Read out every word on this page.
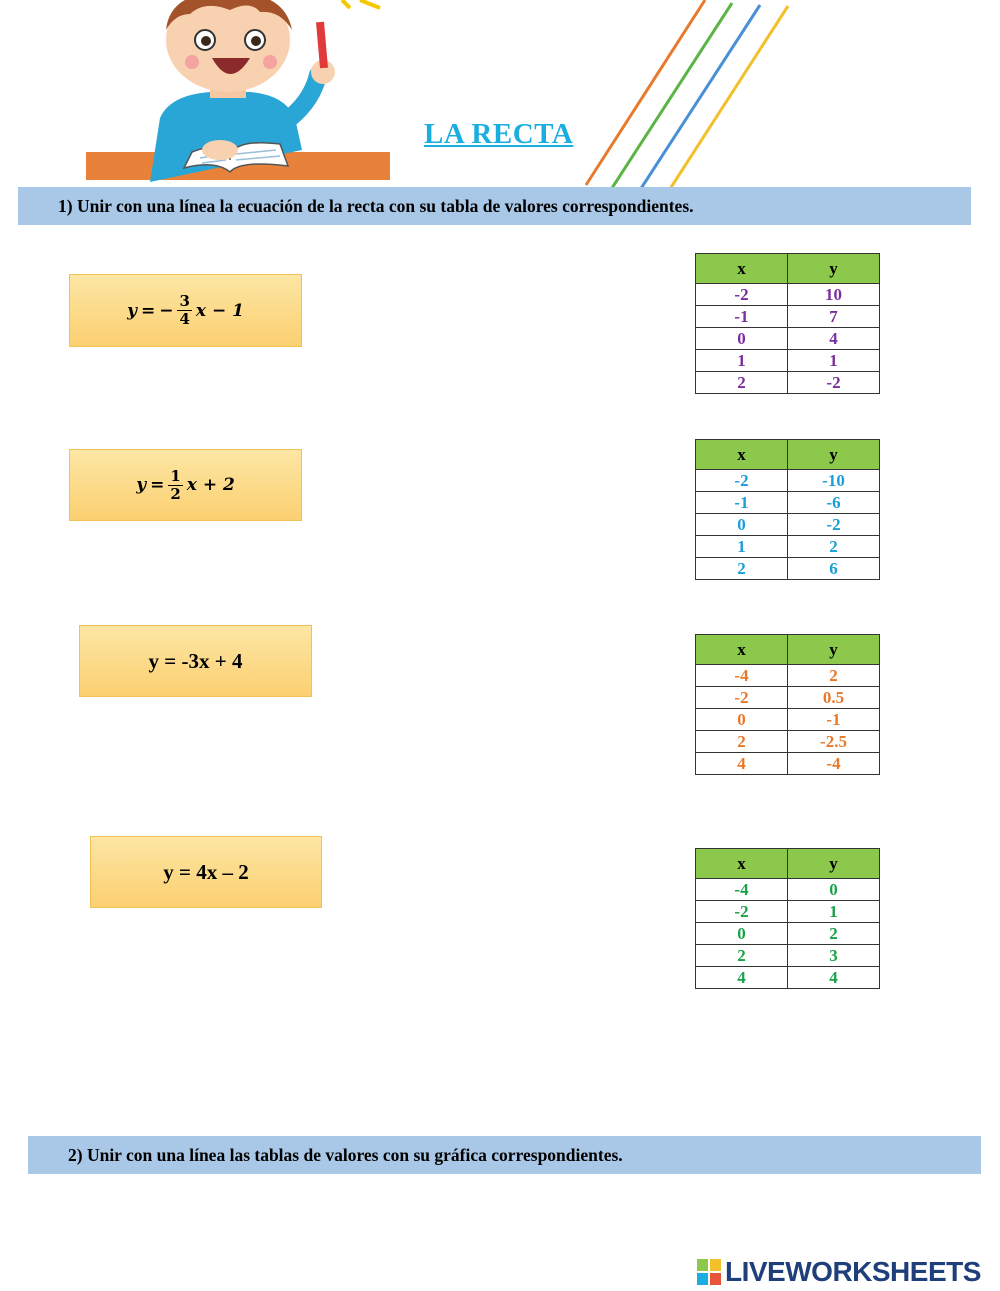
LA RECTA
1) Unir con una línea la ecuación de la recta con su tabla de valores correspondientes.
y = − $\frac{3}{4}$ x − 1
$y = \frac{1}{2}$ x + 2
y = -3x + 4
y = 4x – 2
x	y
-2	10
-1	7
0	4
1	1
2	-2
x	y
-2	-10
-1	-6
0	-2
1	2
2	6
x	y
-4	2
-2	0.5
0	-1
2	-2.5
4	-4
x	y
-4	0
-2	1
0	2
2	3
4	4
2) Unir con una línea las tablas de valores con su gráfica correspondientes.
LIVEWORKSHEETS
